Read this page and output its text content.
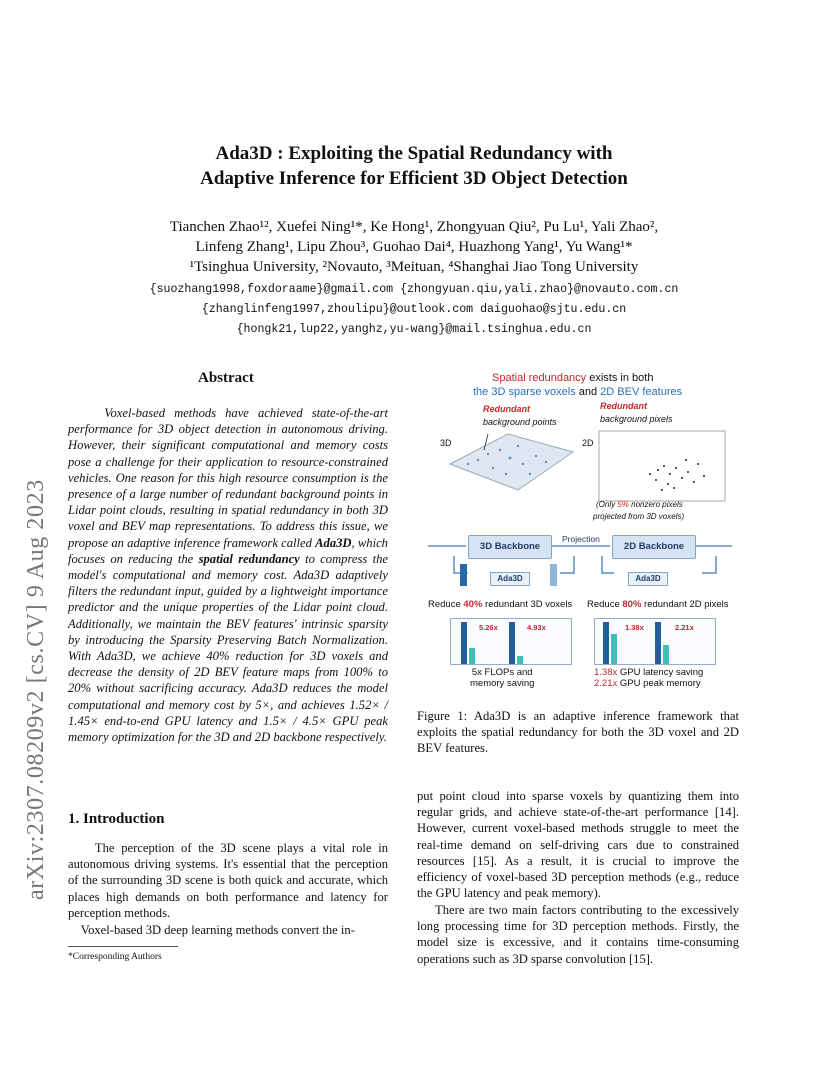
arXiv:2307.08209v2 [cs.CV] 9 Aug 2023
Ada3D : Exploiting the Spatial Redundancy with
Adaptive Inference for Efficient 3D Object Detection
Tianchen Zhao¹², Xuefei Ning¹*, Ke Hong¹, Zhongyuan Qiu², Pu Lu¹, Yali Zhao²,
Linfeng Zhang¹, Lipu Zhou³, Guohao Dai⁴, Huazhong Yang¹, Yu Wang¹*
¹Tsinghua University, ²Novauto, ³Meituan, ⁴Shanghai Jiao Tong University
{suozhang1998,foxdoraame}@gmail.com {zhongyuan.qiu,yali.zhao}@novauto.com.cn
{zhanglinfeng1997,zhoulipu}@outlook.com daiguohao@sjtu.edu.cn
{hongk21,lup22,yanghz,yu-wang}@mail.tsinghua.edu.cn
Abstract
Voxel-based methods have achieved state-of-the-art performance for 3D object detection in autonomous driving. However, their significant computational and memory costs pose a challenge for their application to resource-constrained vehicles. One reason for this high resource consumption is the presence of a large number of redundant background points in Lidar point clouds, resulting in spatial redundancy in both 3D voxel and BEV map representations. To address this issue, we propose an adaptive inference framework called Ada3D, which focuses on reducing the spatial redundancy to compress the model's computational and memory cost. Ada3D adaptively filters the redundant input, guided by a lightweight importance predictor and the unique properties of the Lidar point cloud. Additionally, we maintain the BEV features' intrinsic sparsity by introducing the Sparsity Preserving Batch Normalization. With Ada3D, we achieve 40% reduction for 3D voxels and decrease the density of 2D BEV feature maps from 100% to 20% without sacrificing accuracy. Ada3D reduces the model computational and memory cost by 5×, and achieves 1.52× / 1.45× end-to-end GPU latency and 1.5× / 4.5× GPU peak memory optimization for the 3D and 2D backbone respectively.
1. Introduction
The perception of the 3D scene plays a vital role in autonomous driving systems. It's essential that the perception of the surrounding 3D scene is both quick and accurate, which places high demands on both performance and latency for perception methods.
Voxel-based 3D deep learning methods convert the in-
*Corresponding Authors
Spatial redundancy exists in both
the 3D sparse voxels and 2D BEV features
Redundant
background points
Redundant
background pixels
3D	2D
(Only 5% nonzero pixels
projected from 3D voxels)
Projection
3D Backbone	2D Backbone
Ada3D	Ada3D
Reduce 40% redundant 3D voxels Reduce 80% redundant 2D pixels
5.26x	4.93x	1.38x	2.21x
5x FLOPs and
memory saving
1.38x GPU latency saving
2.21x GPU peak memory
Figure 1: Ada3D is an adaptive inference framework that exploits the spatial redundancy for both the 3D voxel and 2D BEV features.
put point cloud into sparse voxels by quantizing them into regular grids, and achieve state-of-the-art performance [14]. However, current voxel-based methods struggle to meet the real-time demand on self-driving cars due to constrained resources [15]. As a result, it is crucial to improve the efficiency of voxel-based 3D perception methods (e.g., reduce the GPU latency and peak memory).
There are two main factors contributing to the excessively long processing time for 3D perception methods. Firstly, the model size is excessive, and it contains time-consuming operations such as 3D sparse convolution [15].
